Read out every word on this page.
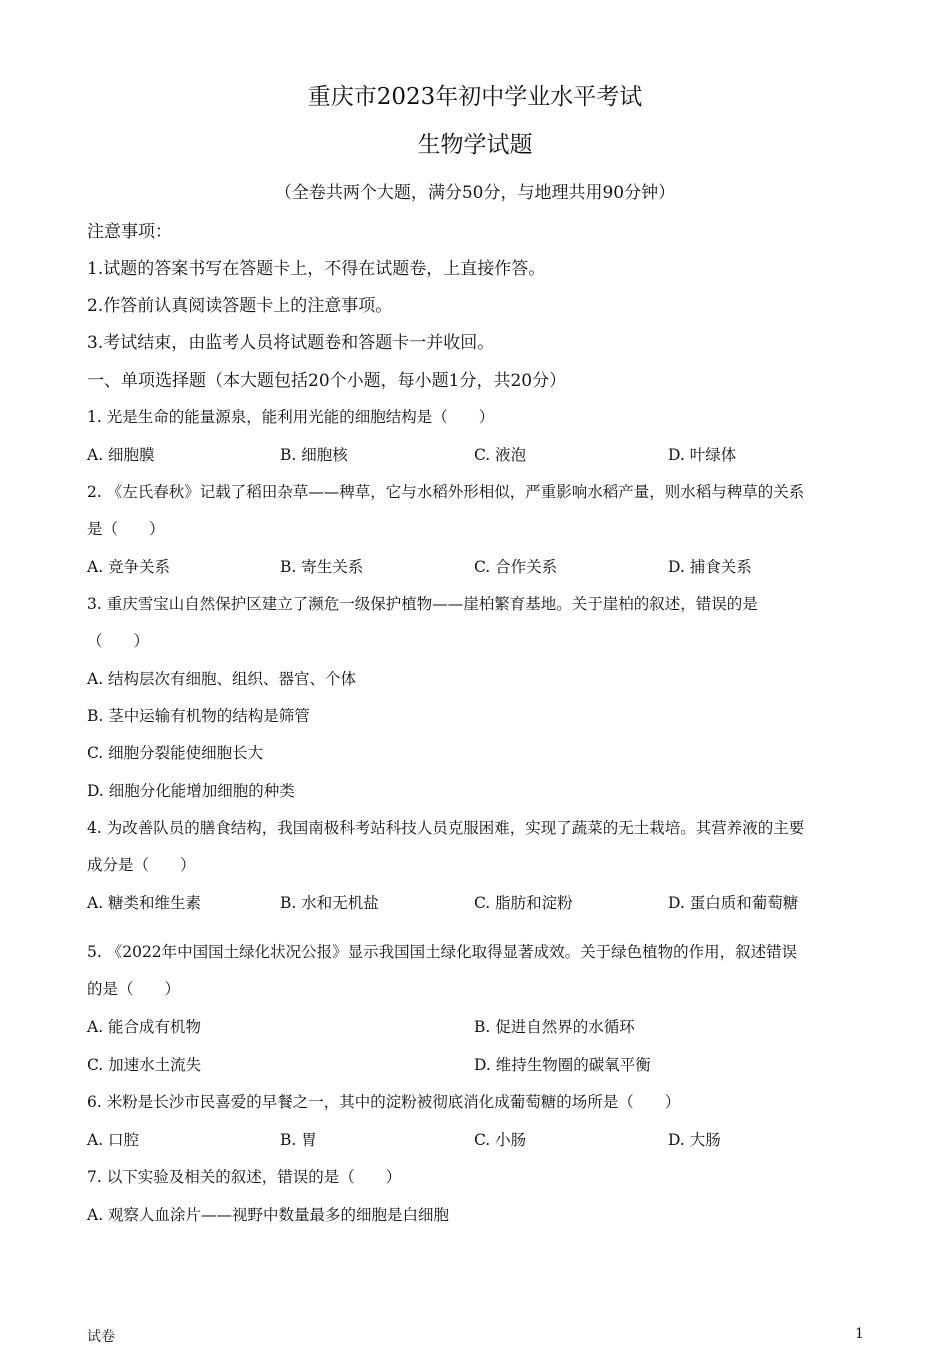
重庆市2023年初中学业水平考试
生物学试题
（全卷共两个大题，满分50分，与地理共用90分钟）
注意事项：
1.试题的答案书写在答题卡上，不得在试题卷，上直接作答。
2.作答前认真阅读答题卡上的注意事项。
3.考试结束，由监考人员将试题卷和答题卡一并收回。
一、单项选择题（本大题包括20个小题，每小题1分，共20分）
1. 光是生命的能量源泉，能利用光能的细胞结构是（　　）
A. 细胞膜	B. 细胞核	C. 液泡	D. 叶绿体
2. 《左氏春秋》记载了稻田杂草——稗草，它与水稻外形相似，严重影响水稻产量，则水稻与稗草的关系
是（　　）
A. 竞争关系	B. 寄生关系	C. 合作关系	D. 捕食关系
3. 重庆雪宝山自然保护区建立了濒危一级保护植物——崖柏繁育基地。关于崖柏的叙述，错误的是
（　　）
A. 结构层次有细胞、组织、器官、个体
B. 茎中运输有机物的结构是筛管
C. 细胞分裂能使细胞长大
D. 细胞分化能增加细胞的种类
4. 为改善队员的膳食结构，我国南极科考站科技人员克服困难，实现了蔬菜的无土栽培。其营养液的主要
成分是（　　）
A. 糖类和维生素	B. 水和无机盐	C. 脂肪和淀粉	D. 蛋白质和葡萄糖
5. 《2022年中国国土绿化状况公报》显示我国国土绿化取得显著成效。关于绿色植物的作用，叙述错误
的是（　　）
A. 能合成有机物	B. 促进自然界的水循环
C. 加速水土流失	D. 维持生物圈的碳氧平衡
6. 米粉是长沙市民喜爱的早餐之一，其中的淀粉被彻底消化成葡萄糖的场所是（　　）
A. 口腔	B. 胃	C. 小肠	D. 大肠
7. 以下实验及相关的叙述，错误的是（　　）
A. 观察人血涂片——视野中数量最多的细胞是白细胞
试卷	1
